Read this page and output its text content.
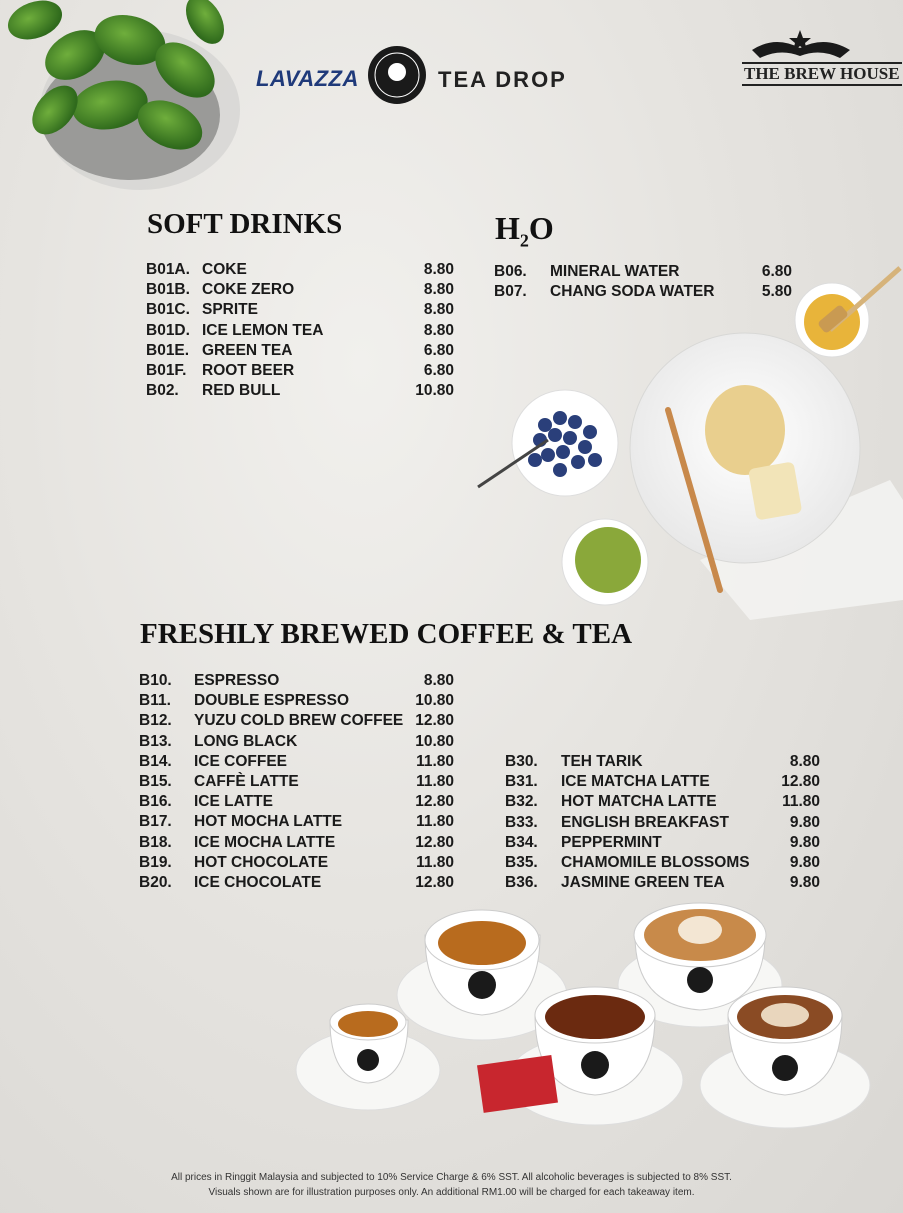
LAVAZZA	TEA DROP	THE BREW HOUSE
SOFT DRINKS
B01A. COKE	8.80
B01B. COKE ZERO	8.80
B01C. SPRITE	8.80
B01D. ICE LEMON TEA	8.80
B01E. GREEN TEA	6.80
B01F. ROOT BEER	6.80
B02. RED BULL	10.80
$H_2O$
B06. MINERAL WATER	6.80
B07. CHANG SODA WATER	5.80
FRESHLY BREWED COFFEE & TEA
B10. ESPRESSO	8.80
B11. DOUBLE ESPRESSO	10.80
B12. YUZU COLD BREW COFFEE 12.80
B13. LONG BLACK	10.80
B14. ICE COFFEE	11.80
B15. CAFFÈ LATTE	11.80
B16. ICE LATTE	12.80
B17. HOT MOCHA LATTE	11.80
B18. ICE MOCHA LATTE	12.80
B19. HOT CHOCOLATE	11.80
B20. ICE CHOCOLATE	12.80
B30. TEH TARIK	8.80
B31. ICE MATCHA LATTE	12.80
B32. HOT MATCHA LATTE	11.80
B33. ENGLISH BREAKFAST	9.80
B34. PEPPERMINT	9.80
B35. CHAMOMILE BLOSSOMS	9.80
B36. JASMINE GREEN TEA	9.80
All prices in Ringgit Malaysia and subjected to 10% Service Charge & 6% SST. All alcoholic beverages is subjected to 8% SST.
Visuals shown are for illustration purposes only. An additional RM1.00 will be charged for each takeaway item.
